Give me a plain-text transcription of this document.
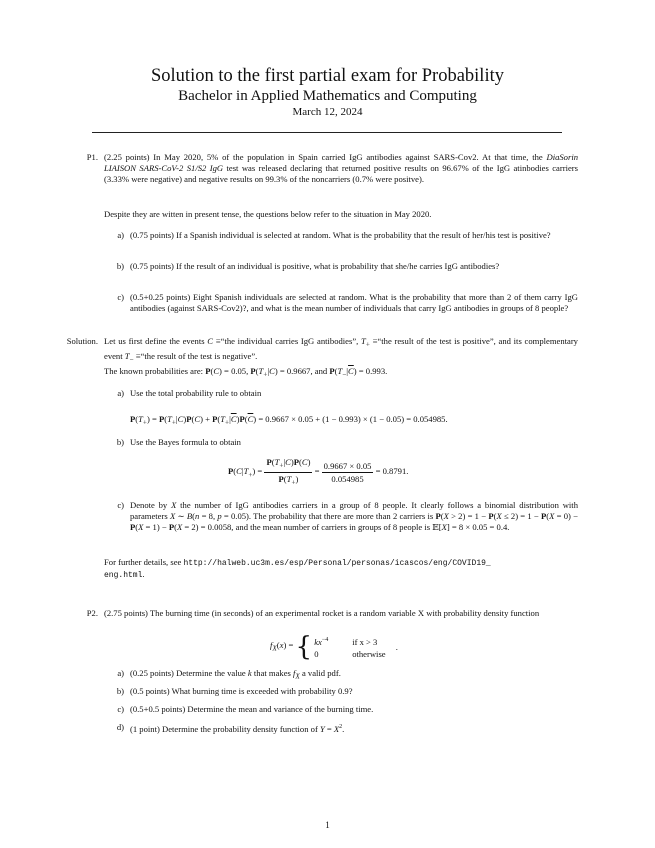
Solution to the first partial exam for Probability
Bachelor in Applied Mathematics and Computing
March 12, 2024
P1. (2.25 points) In May 2020, 5% of the population in Spain carried IgG antibodies against SARS-Cov2. At that time, the DiaSorin LIAISON SARS-CoV-2 S1/S2 IgG test was released declaring that returned positive results on 96.67% of the IgG atinbodies carriers (3.33% were negative) and negative results on 99.3% of the noncarriers (0.7% were positve).
Despite they are witten in present tense, the questions below refer to the situation in May 2020.
a) (0.75 points) If a Spanish individual is selected at random. What is the probability that the result of her/his test is positive?
b) (0.75 points) If the result of an individual is positive, what is probability that she/he carries IgG antibodies?
c) (0.5+0.25 points) Eight Spanish individuals are selected at random. What is the probability that more than 2 of them carry IgG antibodies (against SARS-Cov2)?, and what is the mean number of individuals that carry IgG antibodies in groups of 8 people?
Solution. Let us first define the events C ≡“the individual carries IgG antibodies”, $T_+$ ≡“the result of the test is positive”, and its complementary event $T_-$ ≡“the result of the test is negative”.
The known probabilities are: P(C) = 0.05, $P(T_+|C) = 0.9667$, and $P(T_-|\overline{C}) = 0.993$.
a) Use the total probability rule to obtain
$P(T_+) = P(T_+|C)P(C) + P(T_+|\overline{C})P(\overline{C}) = 0.9667 \times 0.05 + (1 - 0.993) \times (1 - 0.05) = 0.054985$.
b) Use the Bayes formula to obtain
$P(C|T_+) = \frac{P(T_+|C)P(C)}{P(T_+)} = \frac{0.9667 \times 0.05}{0.054985} = 0.8791$.
c) Denote by X the number of IgG antibodies carriers in a group of 8 people. It clearly follows a binomial distribution with parameters X ∼ B(n = 8, p = 0.05). The probability that there are more than 2 carriers is P(X > 2) = 1 − P(X ≤ 2) = 1 − P(X = 0) − P(X = 1) − P(X = 2) = 0.0058, and the mean number of carriers in groups of 8 people is 𝔼[X] = 8 × 0.05 = 0.4.
For further details, see http://halweb.uc3m.es/esp/Personal/personas/icascos/eng/COVID19_
eng.html.
P2. (2.75 points) The burning time (in seconds) of an experimental rocket is a random variable X with probability density function
$f_X(x)$ = { $kx^{-4}$	if x > 3
0	otherwise .
a) (0.25 points) Determine the value k that makes $f_X$ a valid pdf.
b) (0.5 points) What burning time is exceeded with probability 0.9?
c) (0.5+0.5 points) Determine the mean and variance of the burning time.
d) (1 point) Determine the probability density function of $Y = X^2$.
1
